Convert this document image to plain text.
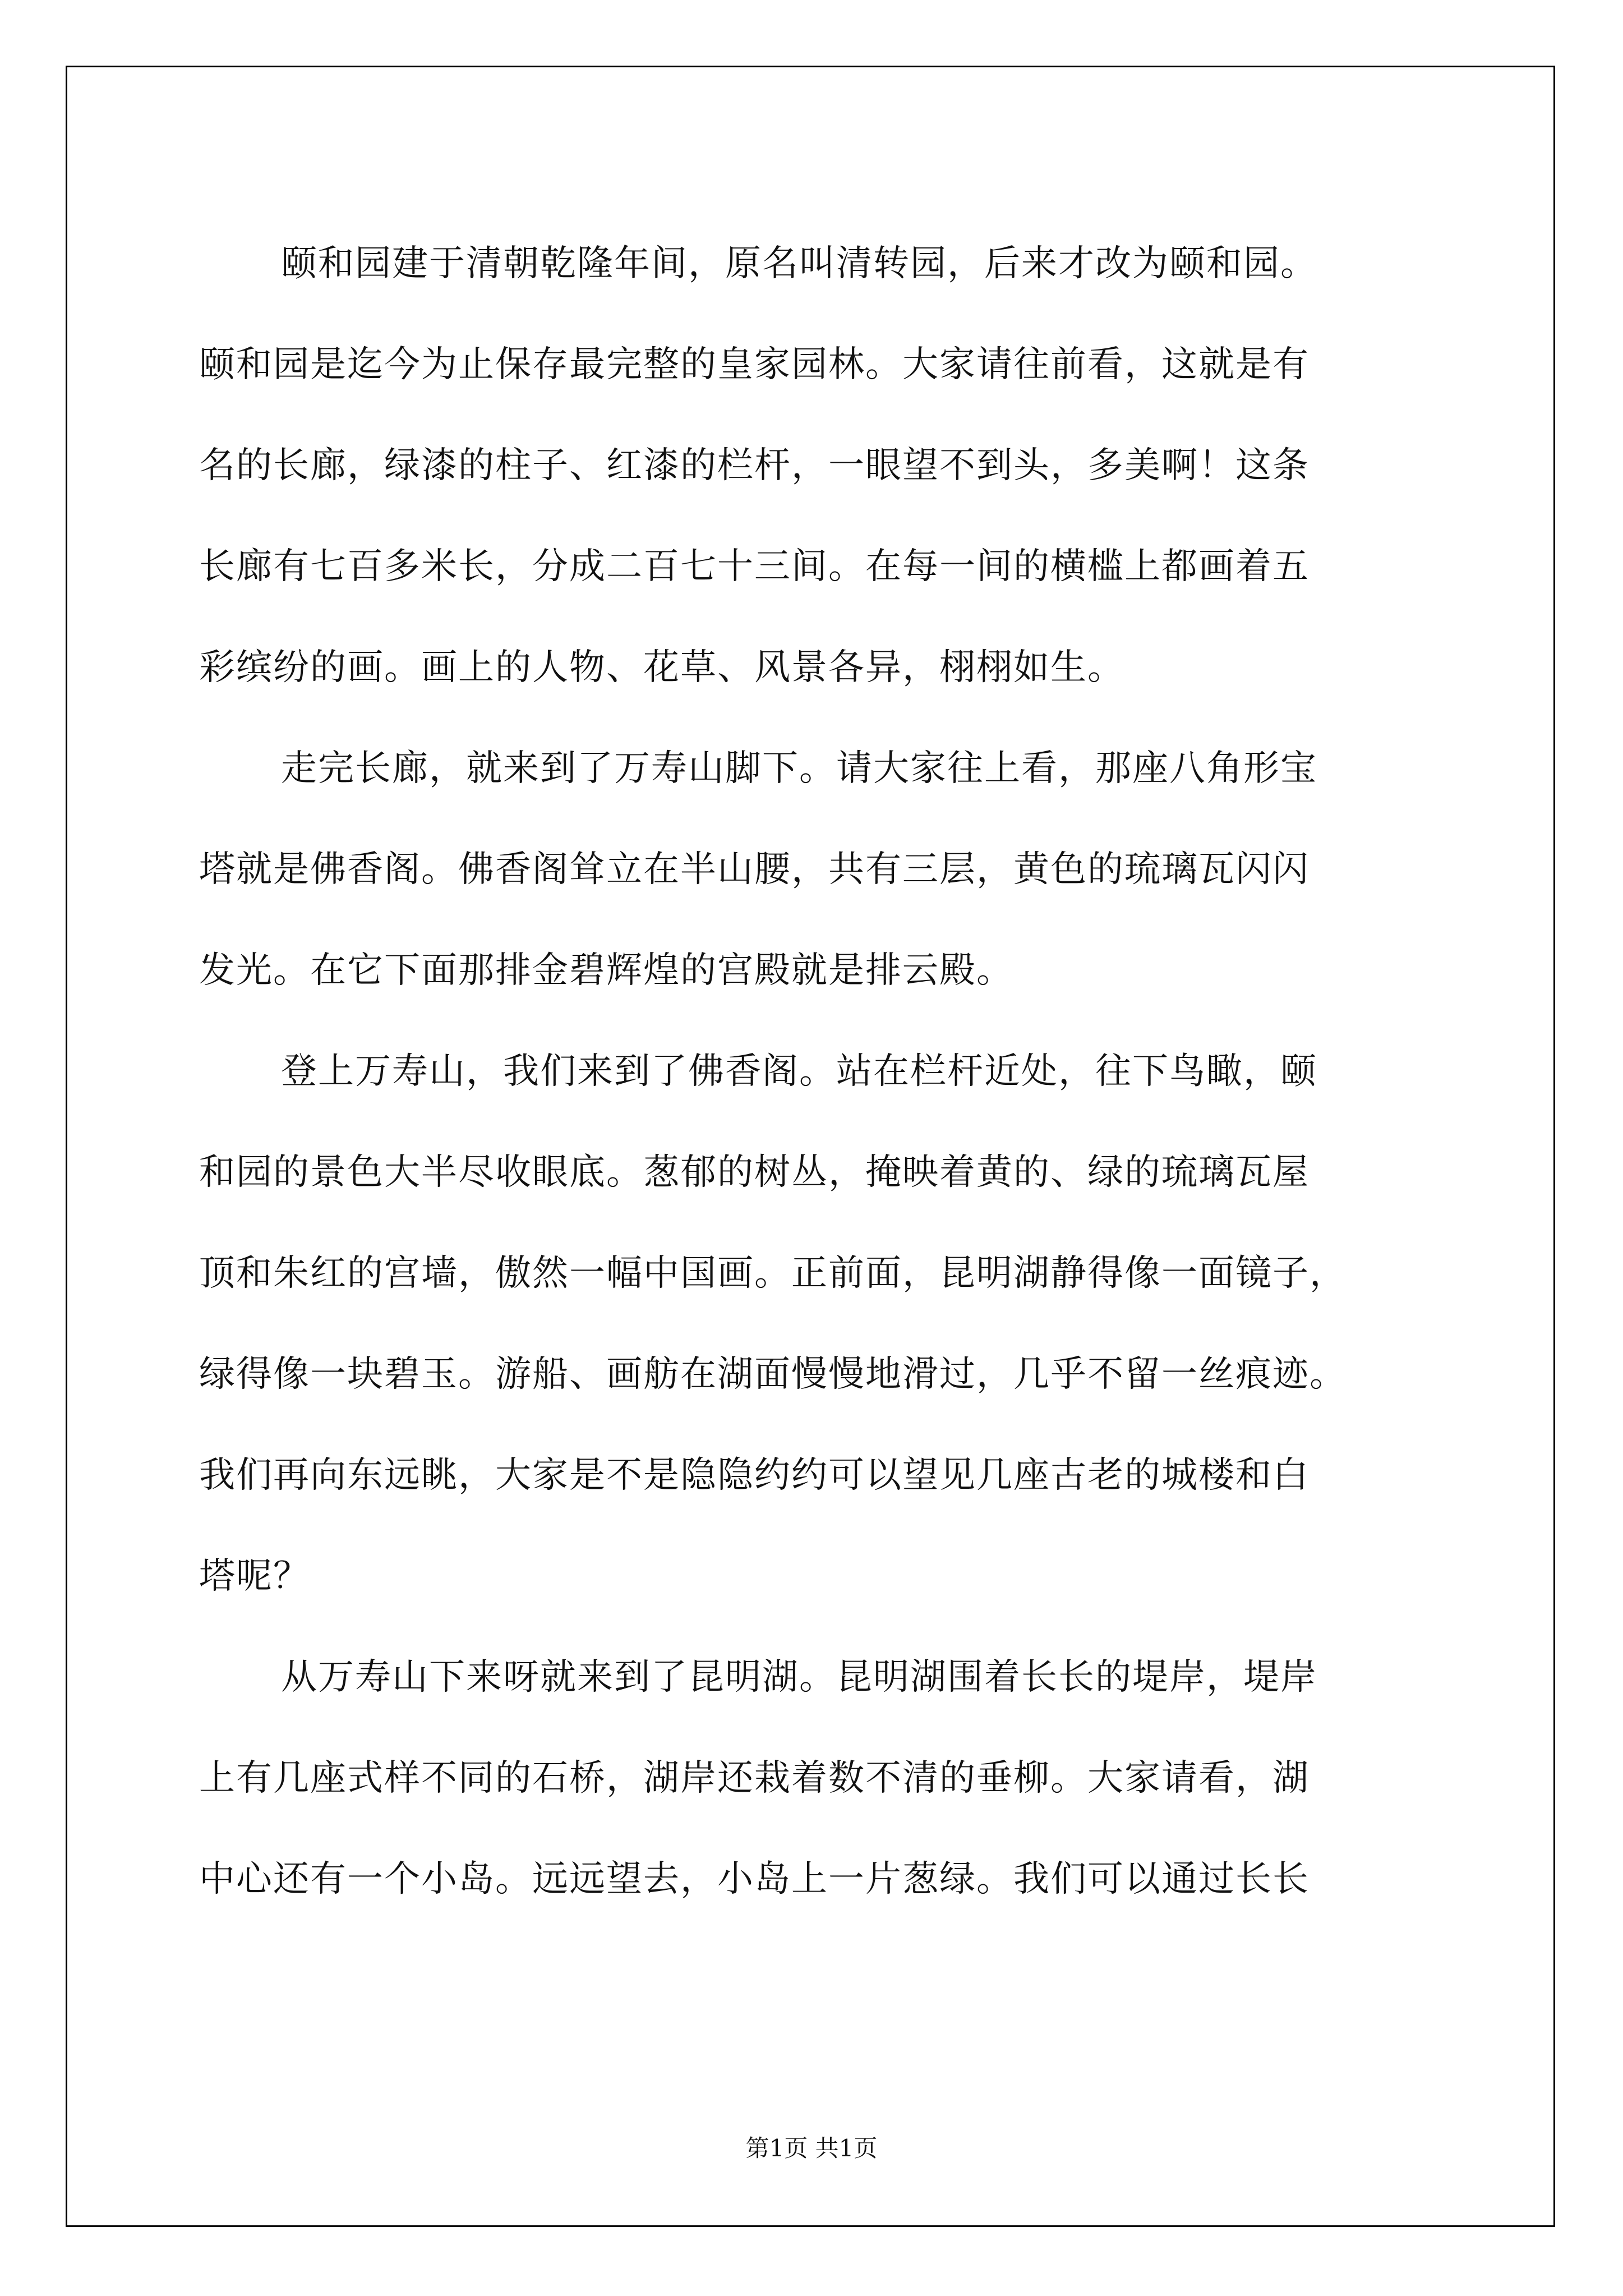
颐和园建于清朝乾隆年间，原名叫清转园，后来才改为颐和园。
颐和园是迄今为止保存最完整的皇家园林。大家请往前看，这就是有
名的长廊，绿漆的柱子、红漆的栏杆，一眼望不到头，多美啊！这条
长廊有七百多米长，分成二百七十三间。在每一间的横槛上都画着五
彩缤纷的画。画上的人物、花草、风景各异，栩栩如生。
走完长廊，就来到了万寿山脚下。请大家往上看，那座八角形宝
塔就是佛香阁。佛香阁耸立在半山腰，共有三层，黄色的琉璃瓦闪闪
发光。在它下面那排金碧辉煌的宫殿就是排云殿。
登上万寿山，我们来到了佛香阁。站在栏杆近处，往下鸟瞰，颐
和园的景色大半尽收眼底。葱郁的树丛，掩映着黄的、绿的琉璃瓦屋
顶和朱红的宫墙，傲然一幅中国画。正前面，昆明湖静得像一面镜子，
绿得像一块碧玉。游船、画舫在湖面慢慢地滑过，几乎不留一丝痕迹。
我们再向东远眺，大家是不是隐隐约约可以望见几座古老的城楼和白
塔呢？
从万寿山下来呀就来到了昆明湖。昆明湖围着长长的堤岸，堤岸
上有几座式样不同的石桥，湖岸还栽着数不清的垂柳。大家请看，湖
中心还有一个小岛。远远望去，小岛上一片葱绿。我们可以通过长长
第1页 共1页
